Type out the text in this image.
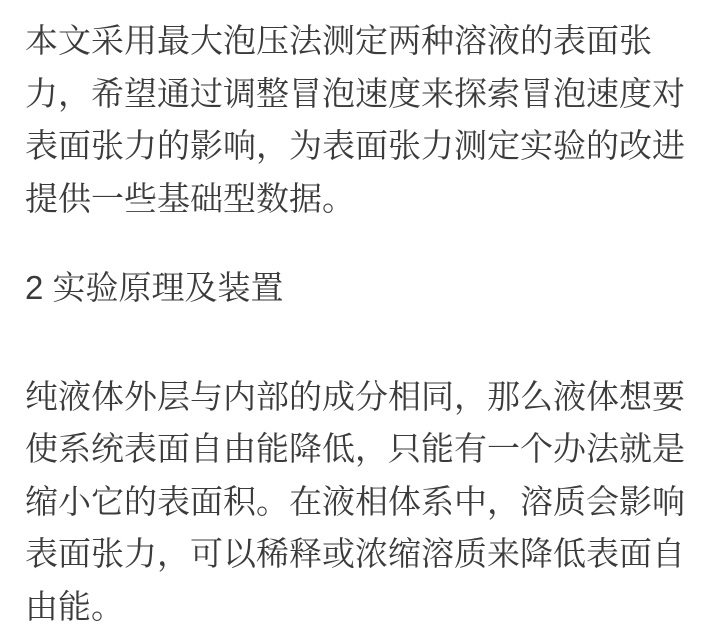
本文采用最大泡压法测定两种溶液的表面张力，希望通过调整冒泡速度来探索冒泡速度对表面张力的影响，为表面张力测定实验的改进提供一些基础型数据。

2 实验原理及装置

纯液体外层与内部的成分相同，那么液体想要使系统表面自由能降低，只能有一个办法就是缩小它的表面积。在液相体系中，溶质会影响表面张力，可以稀释或浓缩溶质来降低表面自由能。
